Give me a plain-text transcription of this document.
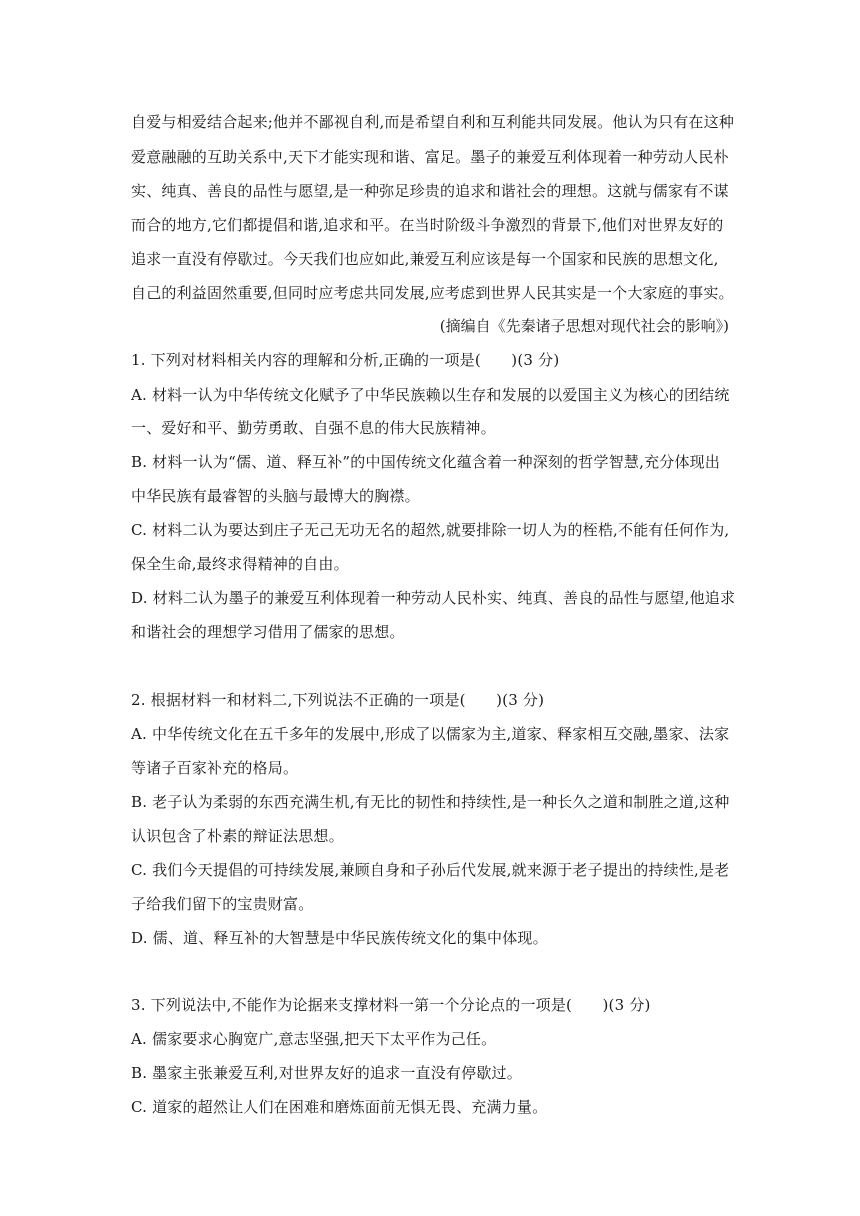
自爱与相爱结合起来;他并不鄙视自利,而是希望自利和互利能共同发展。他认为只有在这种
爱意融融的互助关系中,天下才能实现和谐、富足。墨子的兼爱互利体现着一种劳动人民朴
实、纯真、善良的品性与愿望,是一种弥足珍贵的追求和谐社会的理想。这就与儒家有不谋
而合的地方,它们都提倡和谐,追求和平。在当时阶级斗争激烈的背景下,他们对世界友好的
追求一直没有停歇过。今天我们也应如此,兼爱互利应该是每一个国家和民族的思想文化,
自己的利益固然重要,但同时应考虑共同发展,应考虑到世界人民其实是一个大家庭的事实。
(摘编自《先秦诸子思想对现代社会的影响》)
1. 下列对材料相关内容的理解和分析,正确的一项是(　　)(3 分)
A. 材料一认为中华传统文化赋予了中华民族赖以生存和发展的以爱国主义为核心的团结统
一、爱好和平、勤劳勇敢、自强不息的伟大民族精神。
B. 材料一认为“儒、道、释互补”的中国传统文化蕴含着一种深刻的哲学智慧,充分体现出
中华民族有最睿智的头脑与最博大的胸襟。
C. 材料二认为要达到庄子无己无功无名的超然,就要排除一切人为的桎梏,不能有任何作为,
保全生命,最终求得精神的自由。
D. 材料二认为墨子的兼爱互利体现着一种劳动人民朴实、纯真、善良的品性与愿望,他追求
和谐社会的理想学习借用了儒家的思想。
2. 根据材料一和材料二,下列说法不正确的一项是(　　)(3 分)
A. 中华传统文化在五千多年的发展中,形成了以儒家为主,道家、释家相互交融,墨家、法家
等诸子百家补充的格局。
B. 老子认为柔弱的东西充满生机,有无比的韧性和持续性,是一种长久之道和制胜之道,这种
认识包含了朴素的辩证法思想。
C. 我们今天提倡的可持续发展,兼顾自身和子孙后代发展,就来源于老子提出的持续性,是老
子给我们留下的宝贵财富。
D. 儒、道、释互补的大智慧是中华民族传统文化的集中体现。
3. 下列说法中,不能作为论据来支撑材料一第一个分论点的一项是(　　)(3 分)
A. 儒家要求心胸宽广,意志坚强,把天下太平作为己任。
B. 墨家主张兼爱互利,对世界友好的追求一直没有停歇过。
C. 道家的超然让人们在困难和磨炼面前无惧无畏、充满力量。
